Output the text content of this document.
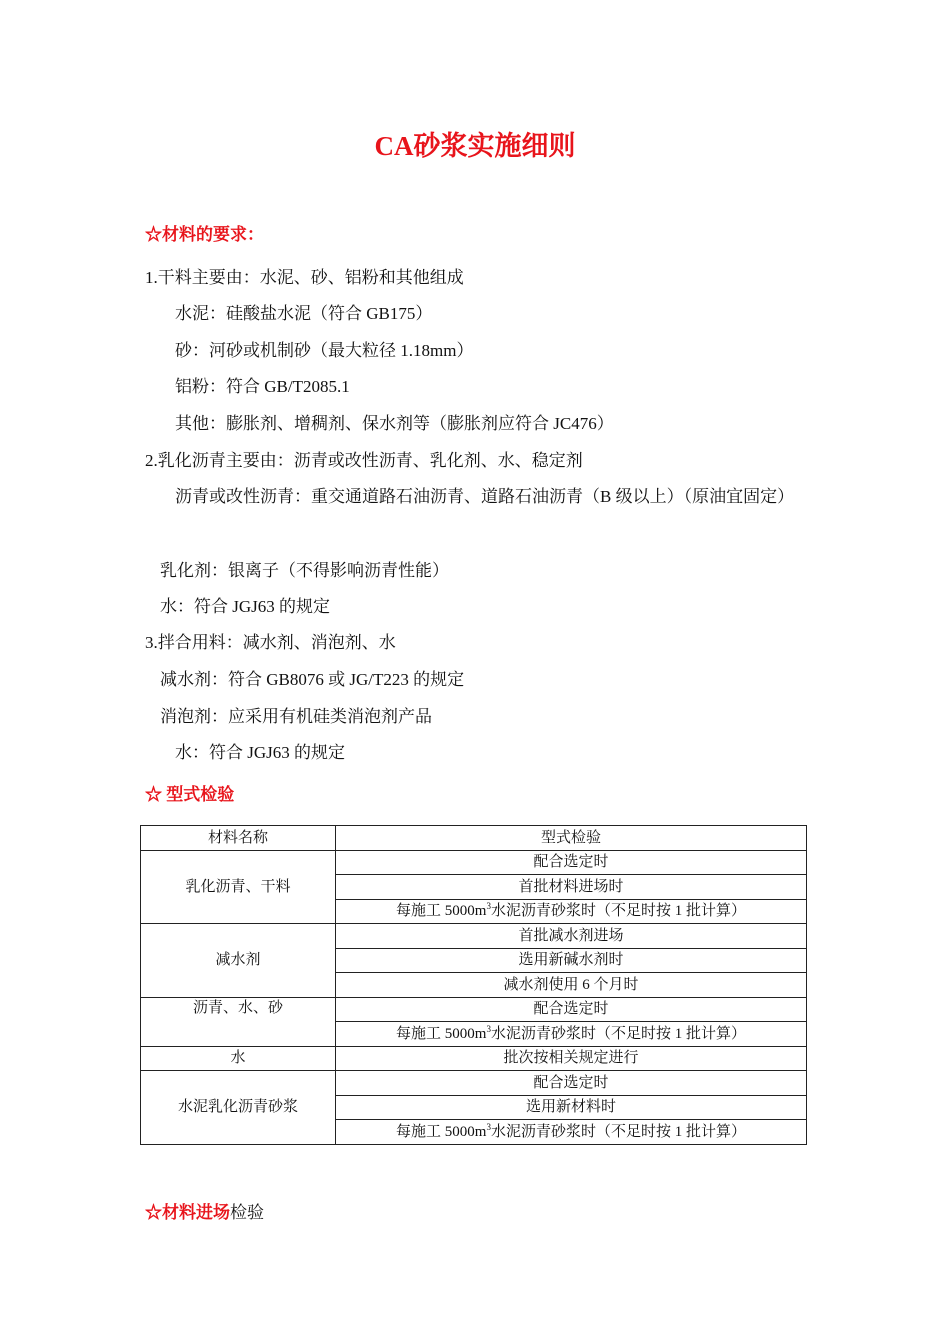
CA砂浆实施细则

☆材料的要求：

1.干料主要由：水泥、砂、铝粉和其他组成

水泥：硅酸盐水泥（符合 GB175）

砂：河砂或机制砂（最大粒径 1.18mm）

铝粉：符合 GB/T2085.1

其他：膨胀剂、增稠剂、保水剂等（膨胀剂应符合 JC476）

2.乳化沥青主要由：沥青或改性沥青、乳化剂、水、稳定剂

沥青或改性沥青：重交通道路石油沥青、道路石油沥青（B 级以上）（原油宜固定）

乳化剂：银离子（不得影响沥青性能）

水：符合 JGJ63 的规定

3.拌合用料：减水剂、消泡剂、水

减水剂：符合 GB8076 或 JG/T223 的规定

消泡剂：应采用有机硅类消泡剂产品

水：符合 JGJ63 的规定

☆ 型式检验

材料名称	型式检验
乳化沥青、干料	配合选定时
	首批材料进场时
	每施工 $5000m^3$水泥沥青砂浆时（不足时按 1 批计算）
减水剂	首批减水剂进场
	选用新碱水剂时
	减水剂使用 6 个月时
沥青、水、砂	配合选定时
	每施工 $5000m^3$水泥沥青砂浆时（不足时按 1 批计算）
水	批次按相关规定进行
水泥乳化沥青砂浆	配合选定时
	选用新材料时
	每施工 $5000m^3$水泥沥青砂浆时（不足时按 1 批计算）

☆材料进场检验
